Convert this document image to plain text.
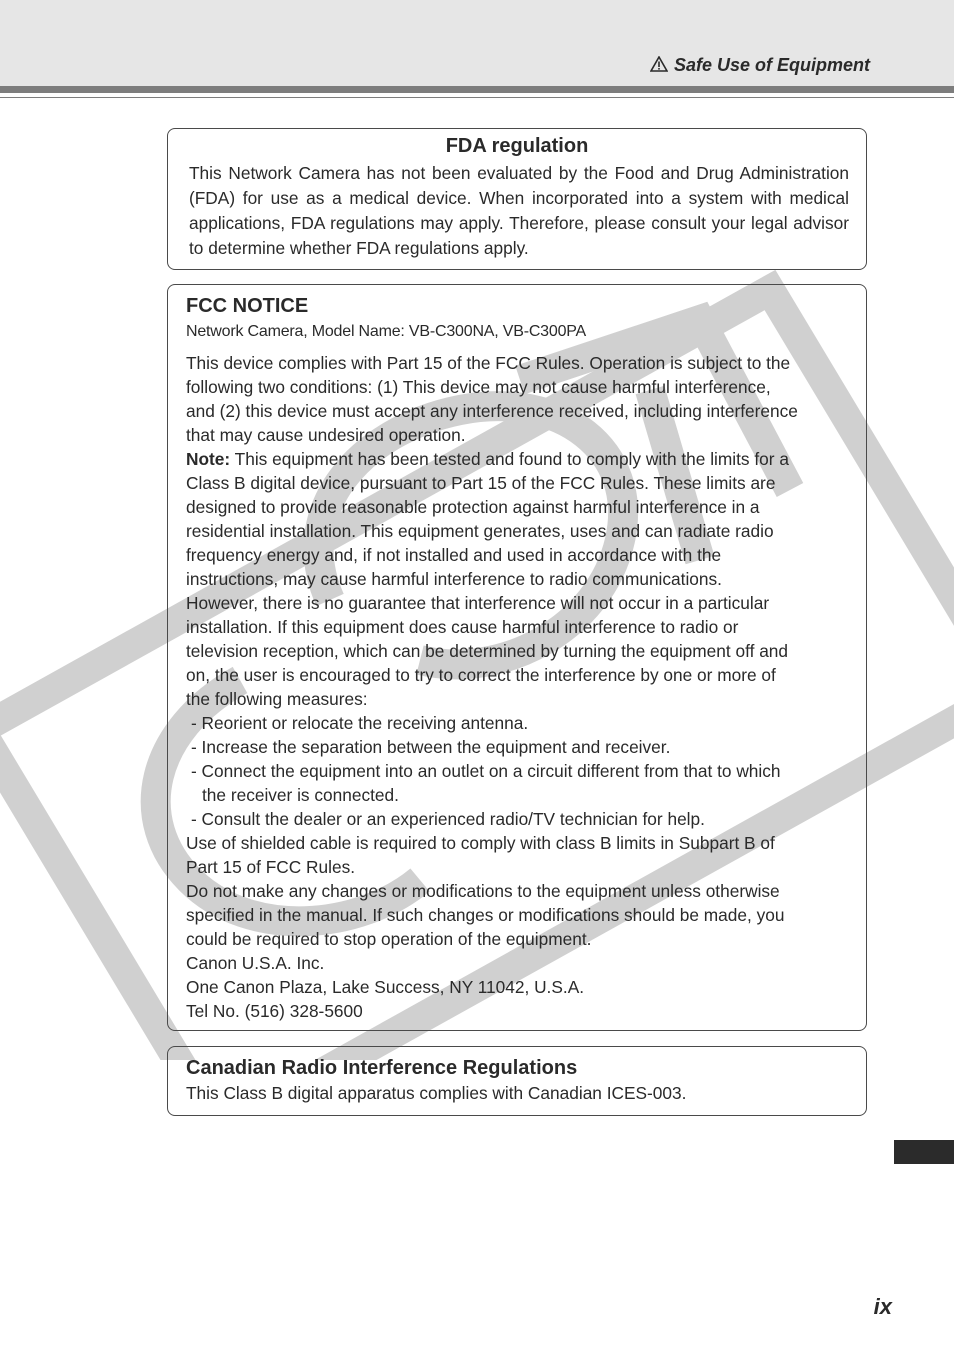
Safe Use of Equipment
FDA regulation
This Network Camera has not been evaluated by the Food and Drug Administration (FDA) for use as a medical device. When incorporated into a system with medical applications, FDA regulations may apply. Therefore, please consult your legal advisor to determine whether FDA regulations apply.
FCC NOTICE
Network Camera, Model Name: VB-C300NA, VB-C300PA
This device complies with Part 15 of the FCC Rules. Operation is subject to the
following two conditions: (1) This device may not cause harmful interference,
and (2) this device must accept any interference received, including interference
that may cause undesired operation.
Note: This equipment has been tested and found to comply with the limits for a
Class B digital device, pursuant to Part 15 of the FCC Rules. These limits are
designed to provide reasonable protection against harmful interference in a
residential installation. This equipment generates, uses and can radiate radio
frequency energy and, if not installed and used in accordance with the
instructions, may cause harmful interference to radio communications.
However, there is no guarantee that interference will not occur in a particular
installation. If this equipment does cause harmful interference to radio or
television reception, which can be determined by turning the equipment off and
on, the user is encouraged to try to correct the interference by one or more of
the following measures:
- Reorient or relocate the receiving antenna.
- Increase the separation between the equipment and receiver.
- Connect the equipment into an outlet on a circuit different from that to which
the receiver is connected.
- Consult the dealer or an experienced radio/TV technician for help.
Use of shielded cable is required to comply with class B limits in Subpart B of
Part 15 of FCC Rules.
Do not make any changes or modifications to the equipment unless otherwise
specified in the manual. If such changes or modifications should be made, you
could be required to stop operation of the equipment.
Canon U.S.A. Inc.
One Canon Plaza, Lake Success, NY 11042, U.S.A.
Tel No. (516) 328-5600
Canadian Radio Interference Regulations
This Class B digital apparatus complies with Canadian ICES-003.
ix
